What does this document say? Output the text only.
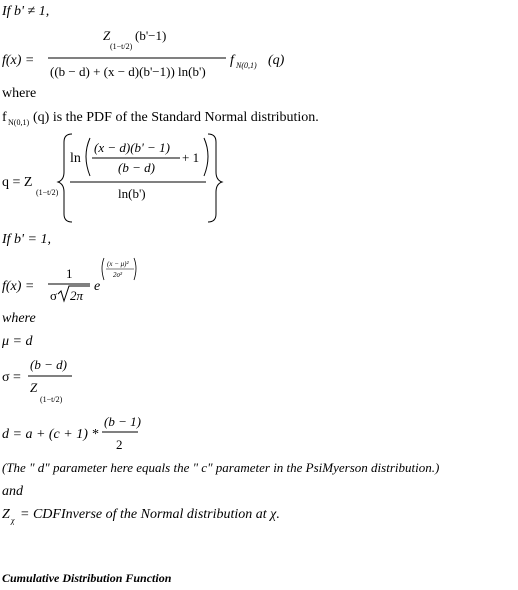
If b' ≠ 1,
f(x) =
Z
(1−t/2)
(b'−1)
((b − d) + (x − d)(b'−1)) ln(b')
f N(0,1) (q)
where
f N(0,1) (q) is the PDF of the Standard Normal distribution.
q = Z
(1−t/2)
ln
(x − d)(b' − 1)
(b − d)
+ 1
ln(b')
f(x) =
1
σ 2π
e
(x − μ)²
2σ²
σ =
(b − d)
Z
(1−t/2)
d = a + (c + 1) *
(b − 1)
2
Z χ = CDFInverse of the Normal distribution at χ.
If b' = 1,
where
μ = d
(The " d" parameter here equals the " c" parameter in the PsiMyerson distribution.)
and
Cumulative Distribution Function
